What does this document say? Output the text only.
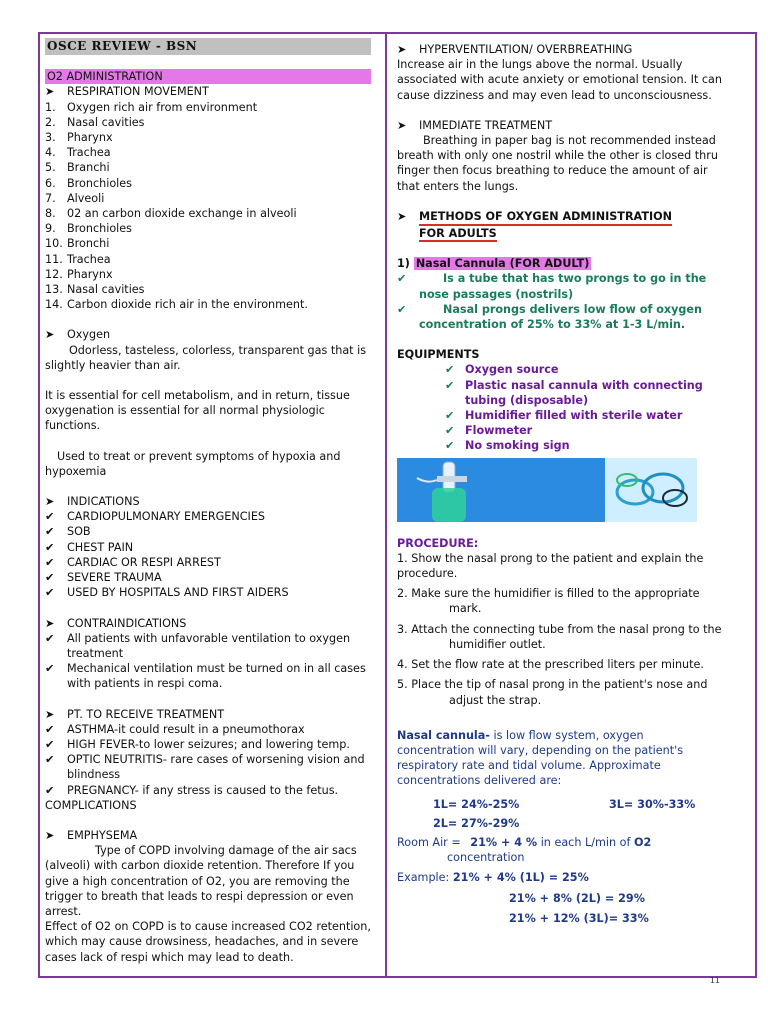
OSCE REVIEW - BSN
O2 ADMINISTRATION
➤	RESPIRATION MOVEMENT
1.	Oxygen rich air from environment
2.	Nasal cavities
3.	Pharynx
4.	Trachea
5.	Branchi
6.	Bronchioles
7.	Alveoli
8.	02 an carbon dioxide exchange in alveoli
9.	Bronchioles
10. Bronchi
11. Trachea
12. Pharynx
13. Nasal cavities
14. Carbon dioxide rich air in the environment.
➤	Oxygen

Odorless, tasteless, colorless, transparent gas that is slightly heavier than air.

It is essential for cell metabolism, and in return, tissue oxygenation is essential for all normal physiologic functions.

Used to treat or prevent symptoms of hypoxia and hypoxemia

➤	INDICATIONS
✔	CARDIOPULMONARY EMERGENCIES
✔	SOB
✔	CHEST PAIN
✔	CARDIAC OR RESPI ARREST
✔	SEVERE TRAUMA
✔	USED BY HOSPITALS AND FIRST AIDERS
➤	CONTRAINDICATIONS
✔	All patients with unfavorable ventilation to oxygen treatment
✔	Mechanical ventilation must be turned on in all cases with patients in respi coma.
➤	PT. TO RECEIVE TREATMENT
✔	ASTHMA-it could result in a pneumothorax
✔	HIGH FEVER-to lower seizures; and lowering temp.
✔	OPTIC NEUTRITIS- rare cases of worsening vision and blindness
✔	PREGNANCY- if any stress is caused to the fetus.
COMPLICATIONS
➤	EMPHYSEMA

Type of COPD involving damage of the air sacs (alveoli) with carbon dioxide retention. Therefore If you give a high concentration of O2, you are removing the trigger to breath that leads to respi depression or even arrest.

Effect of O2 on COPD is to cause increased CO2 retention, which may cause drowsiness, headaches, and in severe cases lack of respi which may lead to death.

➤	HYPERVENTILATION/ OVERBREATHING

Increase air in the lungs above the normal. Usually associated with acute anxiety or emotional tension. It can cause dizziness and may even lead to unconsciousness.

➤	IMMEDIATE TREATMENT

Breathing in paper bag is not recommended instead breath with only one nostril while the other is closed thru finger then focus breathing to reduce the amount of air that enters the lungs.

➤	METHODS OF OXYGEN ADMINISTRATION
FOR ADULTS
1) Nasal Cannula (FOR ADULT)
✔	Is a tube that has two prongs to go in the nose passages (nostrils)
✔	Nasal prongs delivers low flow of oxygen concentration of 25% to 33% at 1-3 L/min.
EQUIPMENTS
✔ Oxygen source
✔ Plastic nasal cannula with connecting tubing (disposable)
✔ Humidifier filled with sterile water
✔ Flowmeter
✔ No smoking sign
PROCEDURE:

1. Show the nasal prong to the patient and explain the procedure.

2. Make sure the humidifier is filled to the appropriate mark.

3. Attach the connecting tube from the nasal prong to the humidifier outlet.

4. Set the flow rate at the prescribed liters per minute.

5. Place the tip of nasal prong in the patient's nose and adjust the strap.

Nasal cannula- is low flow system, oxygen concentration will vary, depending on the patient's respiratory rate and tidal volume. Approximate concentrations delivered are:

1L= 24%-25%	3L= 30%-33%
2L= 27%-29%
Room Air = 21% + 4 % in each L/min of O2
concentration
Example: 21% + 4% (1L) = 25%
21% + 8% (2L) = 29%
21% + 12% (3L)= 33%
11
